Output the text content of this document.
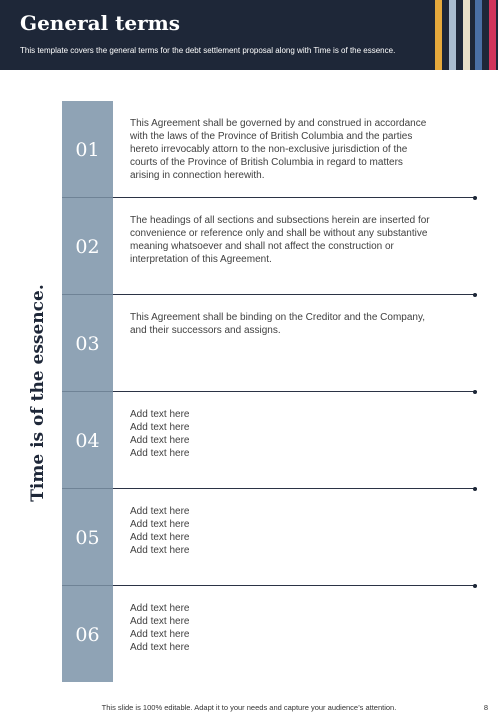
General terms
This template covers the general terms for the debt settlement proposal along with Time is of the essence.
Time is of the essence.
01
This Agreement shall be governed by and construed in accordance
with the laws of the Province of British Columbia and the parties
hereto irrevocably attorn to the non-exclusive jurisdiction of the
courts of the Province of British Columbia in regard to matters
arising in connection herewith.
02
The headings of all sections and subsections herein are inserted for
convenience or reference only and shall be without any substantive
meaning whatsoever and shall not affect the construction or
interpretation of this Agreement.
03
This Agreement shall be binding on the Creditor and the Company,
and their successors and assigns.
04
Add text here
Add text here
Add text here
Add text here
05
Add text here
Add text here
Add text here
Add text here
06
Add text here
Add text here
Add text here
Add text here
This slide is 100% editable. Adapt it to your needs and capture your audience’s attention.	8
